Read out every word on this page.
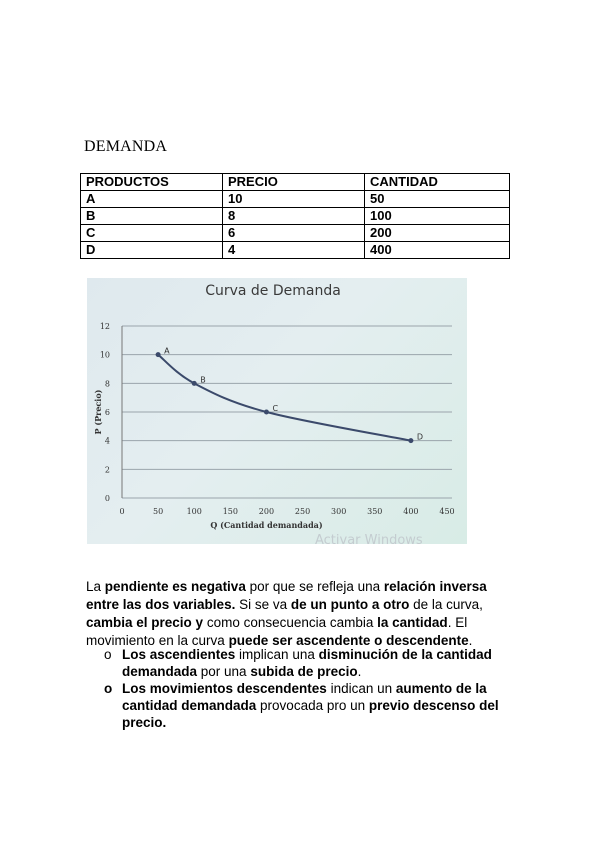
DEMANDA
PRODUCTOS	PRECIO	CANTIDAD
A	10	50
B	8	100
C	6	200
D	4	400
Curva de Demanda
0
2
4
6
8
10
12
0	50	100	150	200	250	300	350	400	450
Q (Cantidad demandada)
P (Precio)
A
B
C
D
Activar Windows

La pendiente es negativa por que se refleja una relación inversa entre las dos variables. Si se va de un punto a otro de la curva, cambia el precio y como consecuencia cambia la cantidad. El movimiento en la curva puede ser ascendente o descendente.

o Los ascendientes implican una disminución de la cantidad demandada por una subida de precio.
o Los movimientos descendentes indican un aumento de la cantidad demandada provocada pro un previo descenso del precio.
